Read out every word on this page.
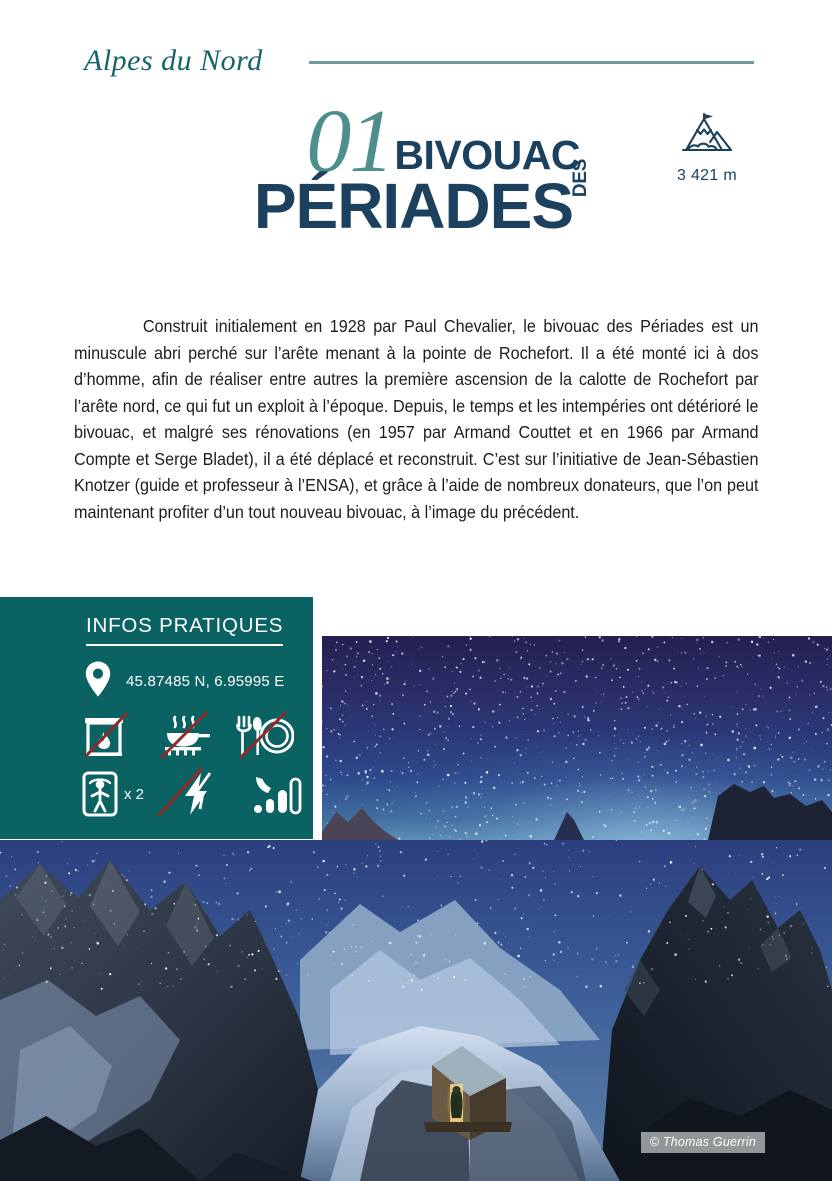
Alpes du Nord
3 421 m
01 BIVOUAC
DES
PÉRIADES

Construit initialement en 1928 par Paul Chevalier, le bivouac des Périades est un minuscule abri perché sur l’arête menant à la pointe de Rochefort. Il a été monté ici à dos d’homme, afin de réaliser entre autres la première ascension de la calotte de Rochefort par l’arête nord, ce qui fut un exploit à l’époque. Depuis, le temps et les intempéries ont détérioré le bivouac, et malgré ses rénovations (en 1957 par Armand Couttet et en 1966 par Armand Compte et Serge Bladet), il a été déplacé et reconstruit. C’est sur l’initiative de Jean-Sébastien Knotzer (guide et professeur à l’ENSA), et grâce à l’aide de nombreux donateurs, que l’on peut maintenant profiter d’un tout nouveau bivouac, à l’image du précédent.

INFOS PRATIQUES
45.87485 N, 6.95995 E
x 2
© Thomas Guerrin
